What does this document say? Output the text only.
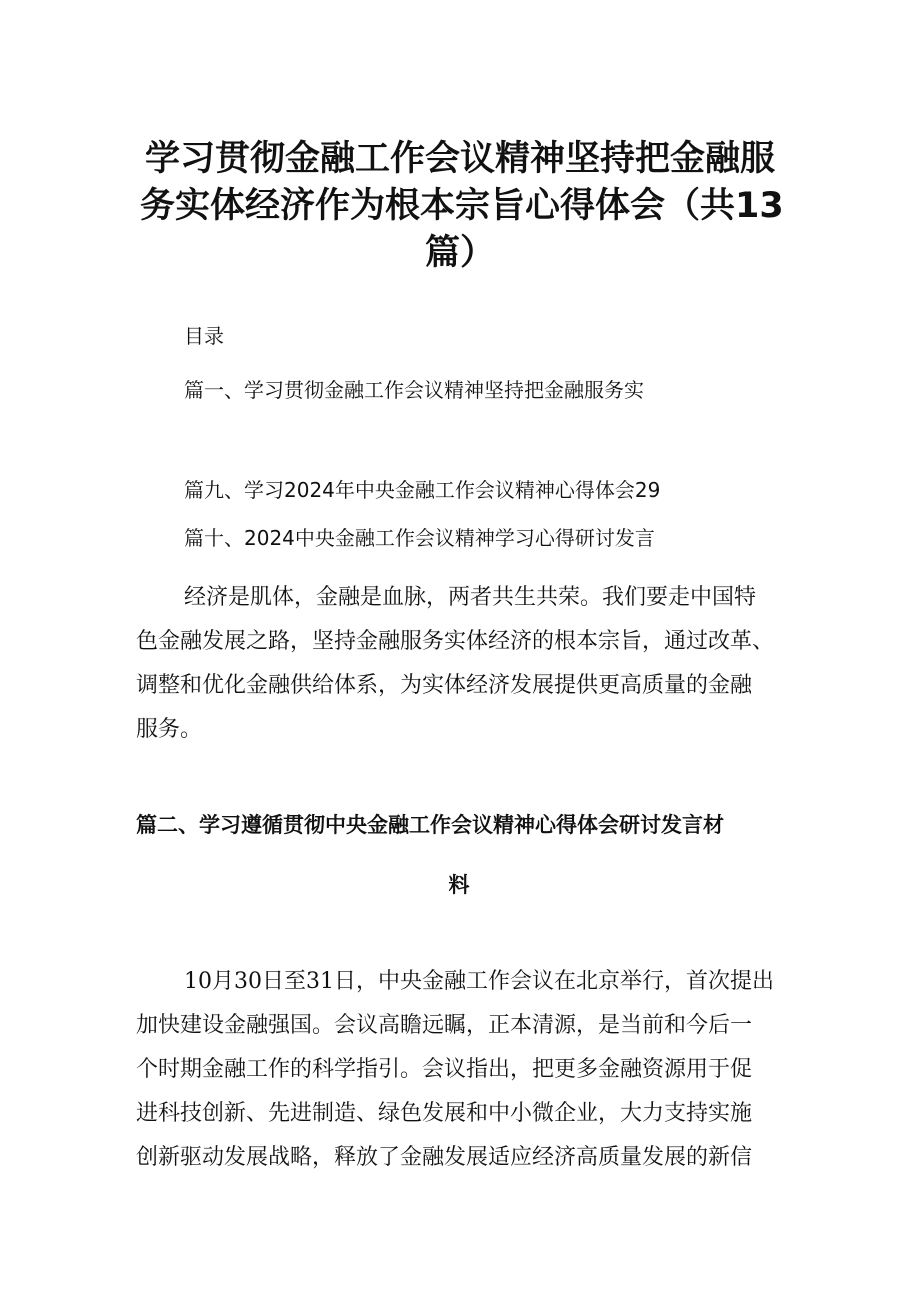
学习贯彻金融工作会议精神坚持把金融服
务实体经济作为根本宗旨心得体会（共13
篇）

目录

篇一、学习贯彻金融工作会议精神坚持把金融服务实

篇九、学习2024年中央金融工作会议精神心得体会29

篇十、2024中央金融工作会议精神学习心得研讨发言

经济是肌体，金融是血脉，两者共生共荣。我们要走中国特
色金融发展之路，坚持金融服务实体经济的根本宗旨，通过改革、
调整和优化金融供给体系，为实体经济发展提供更高质量的金融
服务。

篇二、学习遵循贯彻中央金融工作会议精神心得体会研讨发言材
料

10月30日至31日，中央金融工作会议在北京举行，首次提出
加快建设金融强国。会议高瞻远瞩，正本清源，是当前和今后一
个时期金融工作的科学指引。会议指出，把更多金融资源用于促
进科技创新、先进制造、绿色发展和中小微企业，大力支持实施
创新驱动发展战略，释放了金融发展适应经济高质量发展的新信
